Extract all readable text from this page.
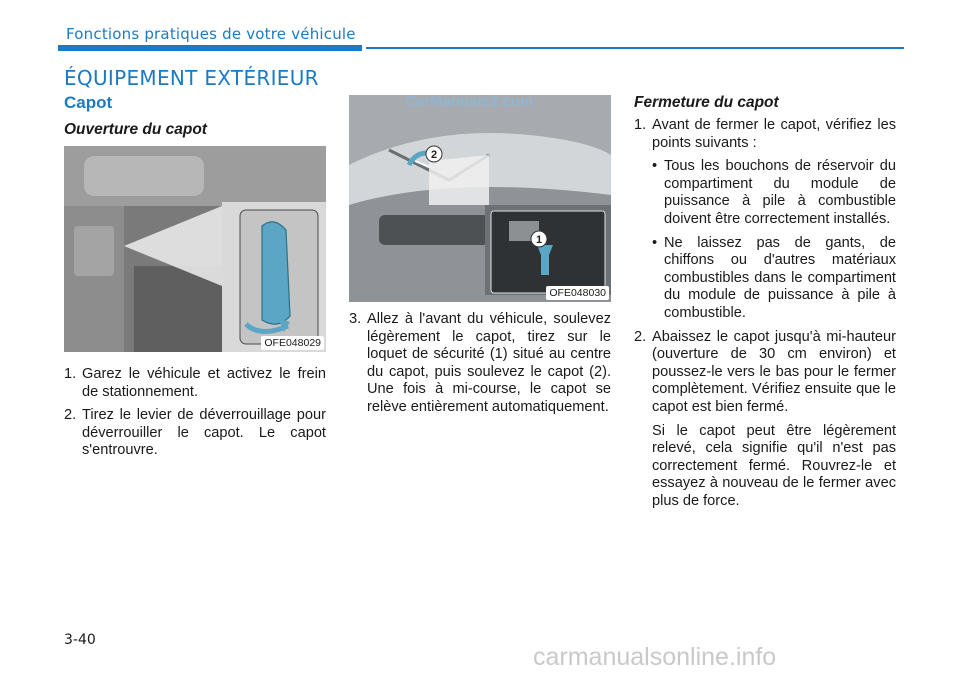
Fonctions pratiques de votre véhicule
ÉQUIPEMENT EXTÉRIEUR
Capot
Ouverture du capot
OFE048029
1. Garez le véhicule et activez le frein de stationnement.
2. Tirez le levier de déverrouillage pour déverrouiller le capot. Le capot s'entrouvre.
2
1
OFE048030
CarManuals2.com
3. Allez à l'avant du véhicule, soulevez légèrement le capot, tirez sur le loquet de sécurité (1) situé au centre du capot, puis soulevez le capot (2). Une fois à mi-course, le capot se relève entièrement automatiquement.
Fermeture du capot
1. Avant de fermer le capot, vérifiez les points suivants :

• Tous les bouchons de réservoir du compartiment du module de puissance à pile à combustible doivent être correctement installés.
• Ne laissez pas de gants, de chiffons ou d'autres matériaux combustibles dans le compartiment du module de puissance à pile à combustible.
2. Abaissez le capot jusqu'à mi-hauteur (ouverture de 30 cm environ) et poussez-le vers le bas pour le fermer complètement. Vérifiez ensuite que le capot est bien fermé.

Si le capot peut être légèrement relevé, cela signifie qu'il n'est pas correctement fermé. Rouvrez-le et essayez à nouveau de le fermer avec plus de force.

3-40
carmanualsonline.info
